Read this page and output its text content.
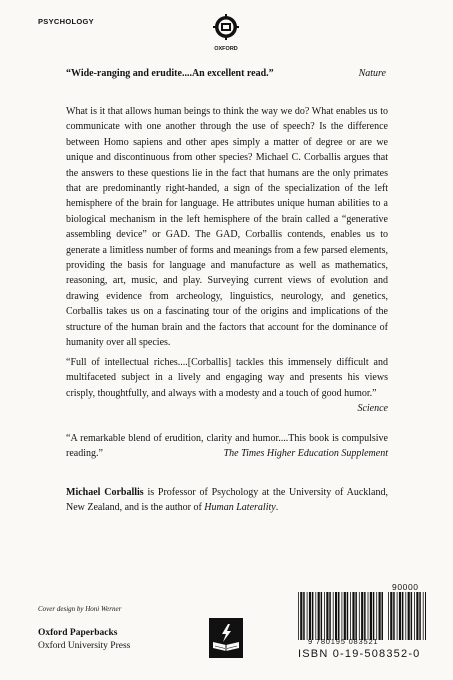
PSYCHOLOGY
OXFORD
“Wide-ranging and erudite....An excellent read.”	Nature
What is it that allows human beings to think the way we do? What enables us to communicate with one another through the use of speech? Is the difference between Homo sapiens and other apes simply a matter of degree or are we unique and discontinuous from other species? Michael C. Corballis argues that the answers to these questions lie in the fact that humans are the only primates that are predominantly right-handed, a sign of the specialization of the left hemisphere of the brain for language. He attributes unique human abilities to a biological mechanism in the left hemisphere of the brain called a “generative assembling device” or GAD. The GAD, Corballis contends, enables us to generate a limitless number of forms and meanings from a few parsed elements, providing the basis for language and manufacture as well as mathematics, reasoning, art, music, and play. Surveying current views of evolution and drawing evidence from archeology, linguistics, neurology, and genetics, Corballis takes us on a fascinating tour of the origins and implications of the structure of the human brain and the factors that account for the dominance of humanity over all species.
“Full of intellectual riches....[Corballis] tackles this immensely difficult and multifaceted subject in a lively and engaging way and presents his views crisply, thoughtfully, and always with a modesty and a touch of good humor.”
Science
“A remarkable blend of erudition, clarity and humor....This book is compulsive reading.”	The Times Higher Education Supplement
Michael Corballis is Professor of Psychology at the University of Auckland, New Zealand, and is the author of Human Laterality.
Cover design by Honi Werner
Oxford Paperbacks
Oxford University Press
90000
9 780195 083521
ISBN 0-19-508352-0
